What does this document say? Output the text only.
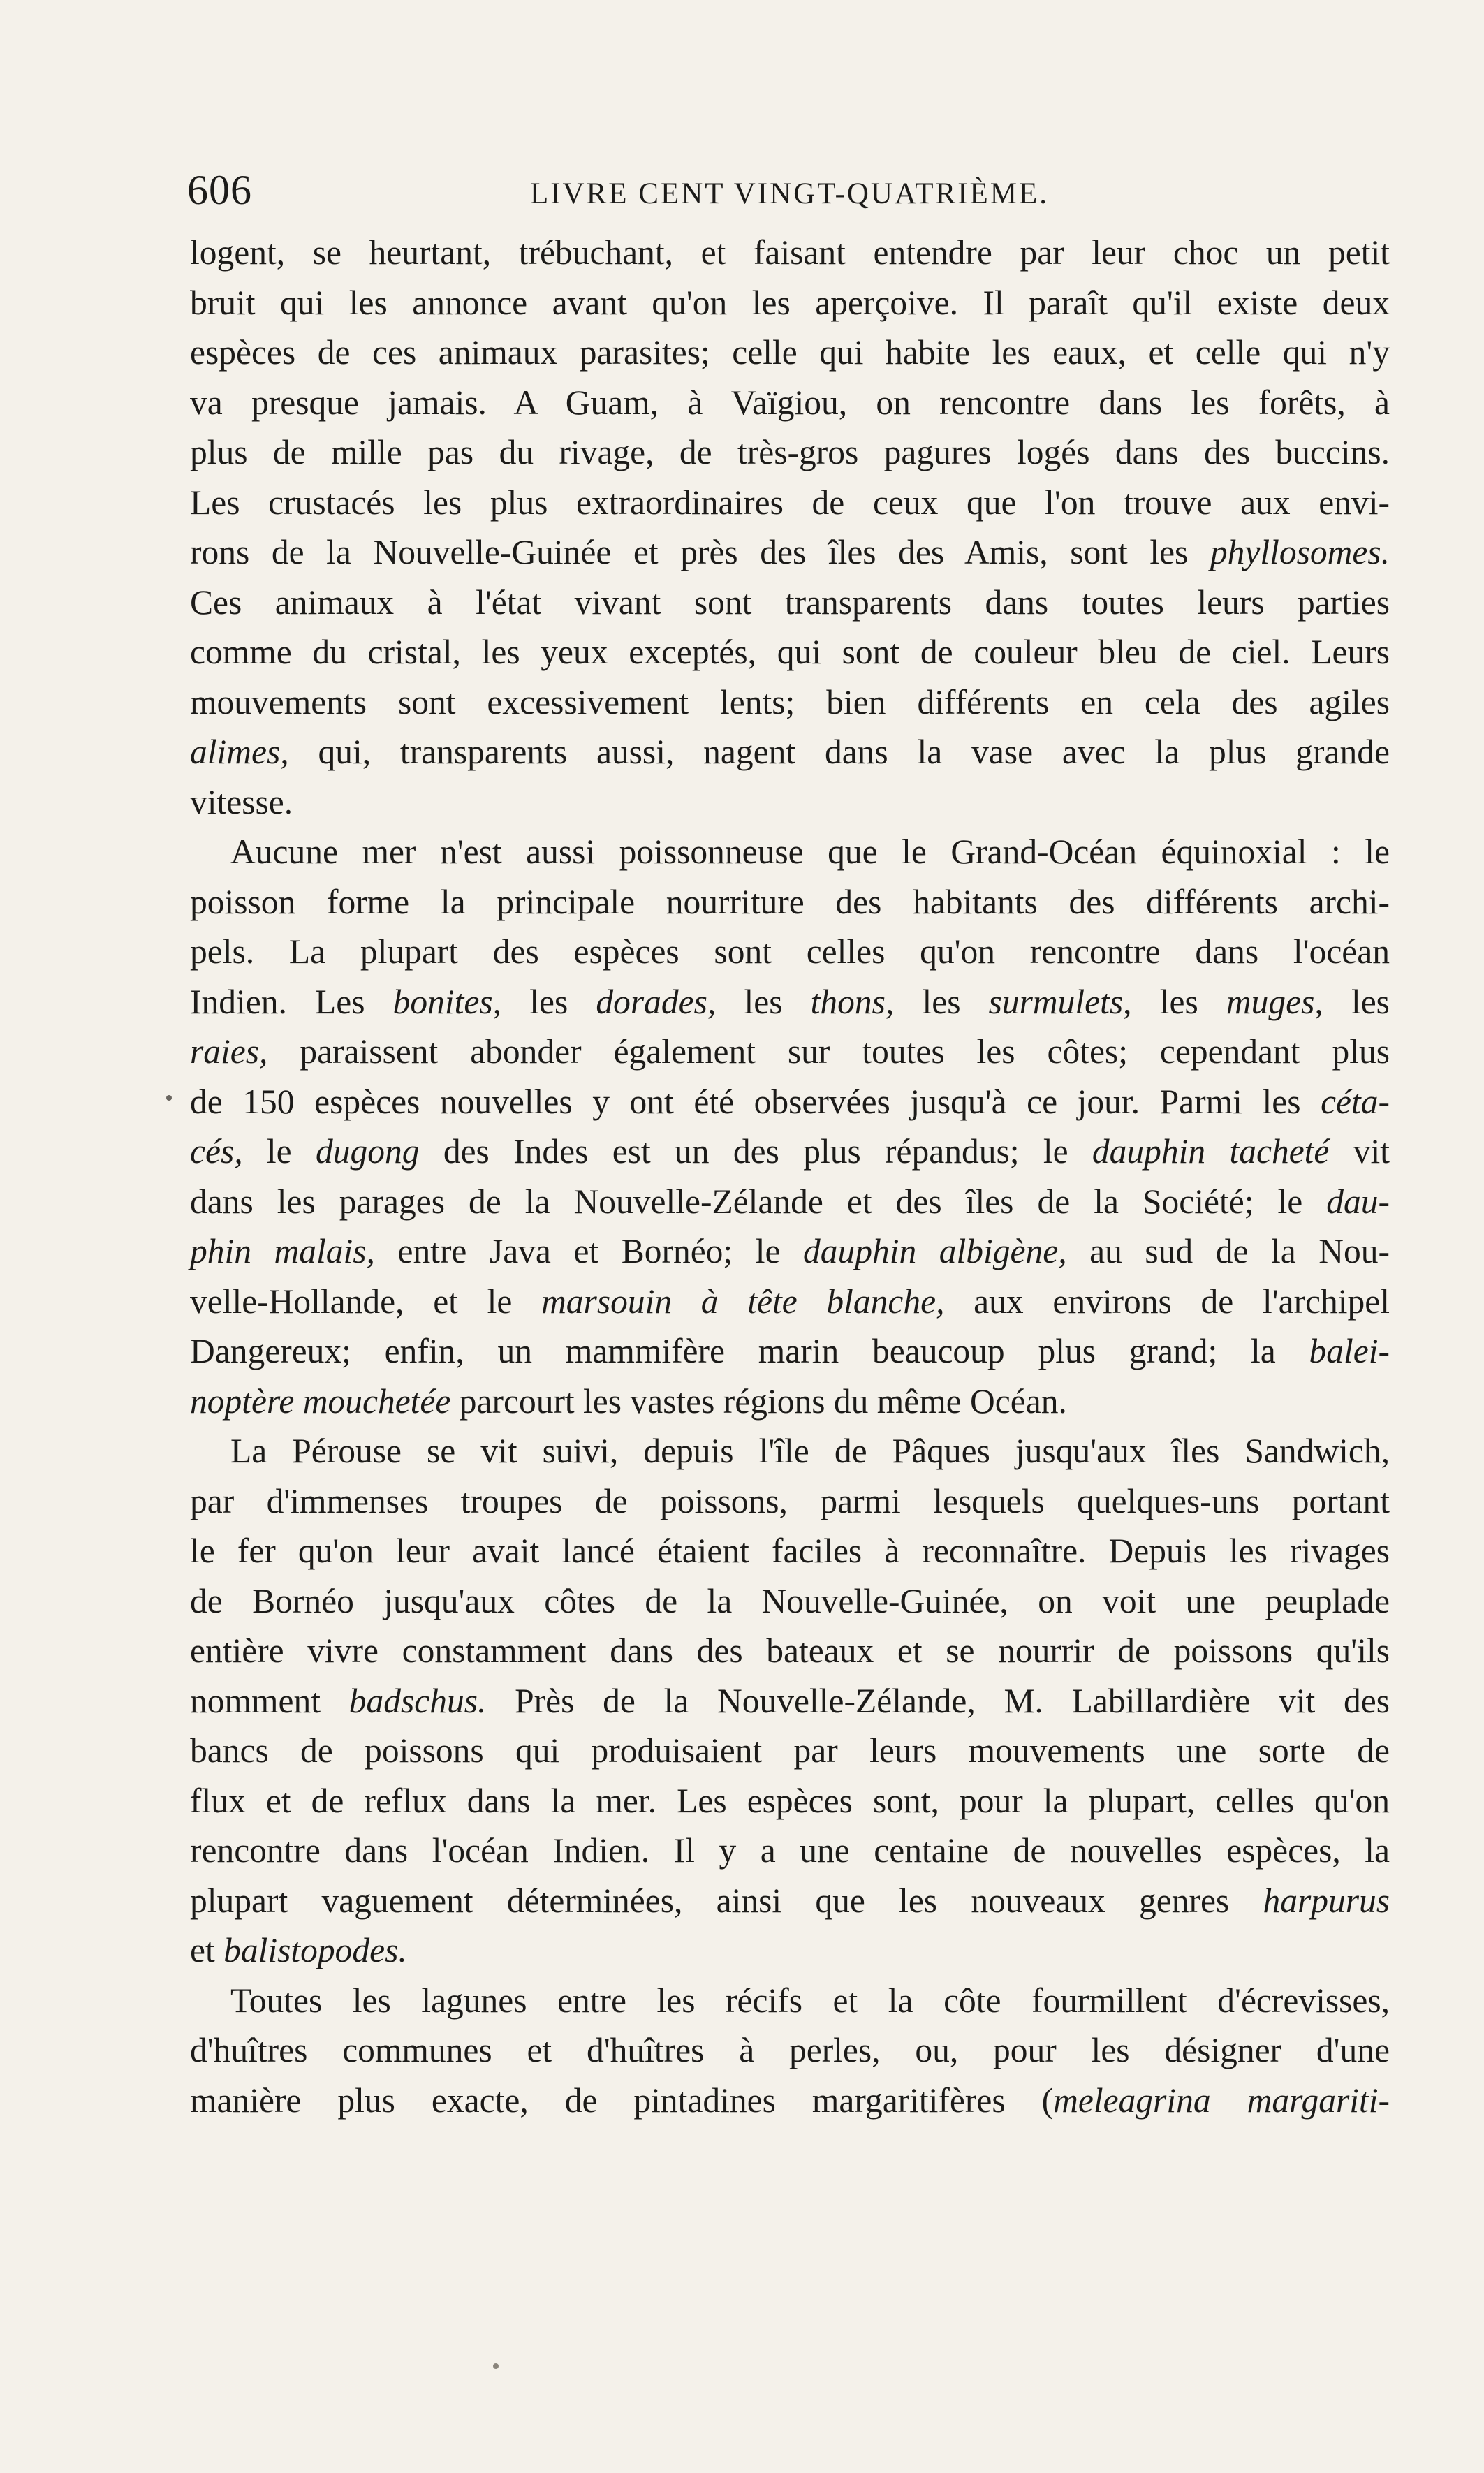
606	LIVRE CENT VINGT-QUATRIÈME.
logent, se heurtant, trébuchant, et faisant entendre par leur choc un petit
bruit qui les annonce avant qu'on les aperçoive. Il paraît qu'il existe deux
espèces de ces animaux parasites; celle qui habite les eaux, et celle qui n'y
va presque jamais. A Guam, à Vaïgiou, on rencontre dans les forêts, à
plus de mille pas du rivage, de très-gros pagures logés dans des buccins.
Les crustacés les plus extraordinaires de ceux que l'on trouve aux envi-
rons de la Nouvelle-Guinée et près des îles des Amis, sont les phyllosomes.
Ces animaux à l'état vivant sont transparents dans toutes leurs parties
comme du cristal, les yeux exceptés, qui sont de couleur bleu de ciel. Leurs
mouvements sont excessivement lents; bien différents en cela des agiles
alimes, qui, transparents aussi, nagent dans la vase avec la plus grande
vitesse.
Aucune mer n'est aussi poissonneuse que le Grand-Océan équinoxial : le
poisson forme la principale nourriture des habitants des différents archi-
pels. La plupart des espèces sont celles qu'on rencontre dans l'océan
Indien. Les bonites, les dorades, les thons, les surmulets, les muges, les
raies, paraissent abonder également sur toutes les côtes; cependant plus
de 150 espèces nouvelles y ont été observées jusqu'à ce jour. Parmi les céta-
cés, le dugong des Indes est un des plus répandus; le dauphin tacheté vit
dans les parages de la Nouvelle-Zélande et des îles de la Société; le dau-
phin malais, entre Java et Bornéo; le dauphin albigène, au sud de la Nou-
velle-Hollande, et le marsouin à tête blanche, aux environs de l'archipel
Dangereux; enfin, un mammifère marin beaucoup plus grand; la balei-
noptère mouchetée parcourt les vastes régions du même Océan.
La Pérouse se vit suivi, depuis l'île de Pâques jusqu'aux îles Sandwich,
par d'immenses troupes de poissons, parmi lesquels quelques-uns portant
le fer qu'on leur avait lancé étaient faciles à reconnaître. Depuis les rivages
de Bornéo jusqu'aux côtes de la Nouvelle-Guinée, on voit une peuplade
entière vivre constamment dans des bateaux et se nourrir de poissons qu'ils
nomment badschus. Près de la Nouvelle-Zélande, M. Labillardière vit des
bancs de poissons qui produisaient par leurs mouvements une sorte de
flux et de reflux dans la mer. Les espèces sont, pour la plupart, celles qu'on
rencontre dans l'océan Indien. Il y a une centaine de nouvelles espèces, la
plupart vaguement déterminées, ainsi que les nouveaux genres harpurus
et balistopodes.
Toutes les lagunes entre les récifs et la côte fourmillent d'écrevisses,
d'huîtres communes et d'huîtres à perles, ou, pour les désigner d'une
manière plus exacte, de pintadines margaritifères (meleagrina margariti-
